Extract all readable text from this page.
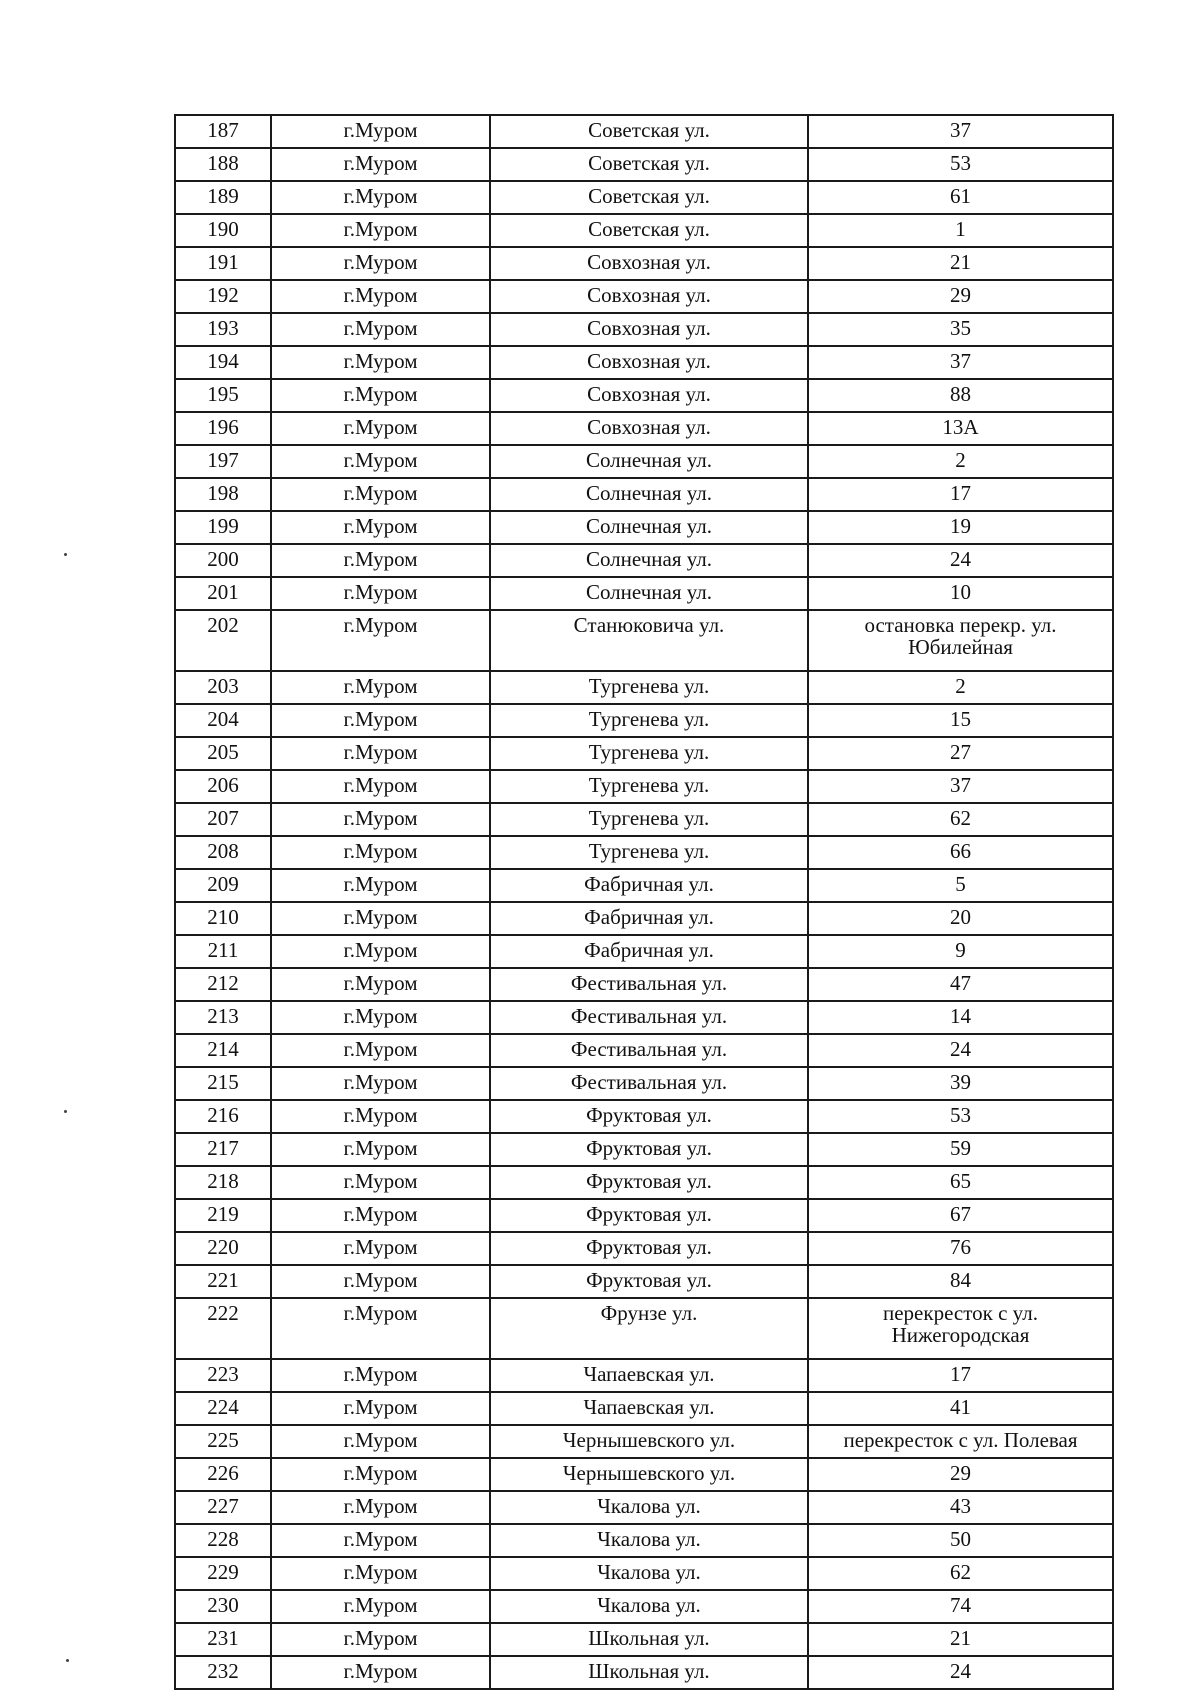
187	г.Муром	Советская ул.	37
188	г.Муром	Советская ул.	53
189	г.Муром	Советская ул.	61
190	г.Муром	Советская ул.	1
191	г.Муром	Совхозная ул.	21
192	г.Муром	Совхозная ул.	29
193	г.Муром	Совхозная ул.	35
194	г.Муром	Совхозная ул.	37
195	г.Муром	Совхозная ул.	88
196	г.Муром	Совхозная ул.	13А
197	г.Муром	Солнечная ул.	2
198	г.Муром	Солнечная ул.	17
199	г.Муром	Солнечная ул.	19
200	г.Муром	Солнечная ул.	24
201	г.Муром	Солнечная ул.	10
202	г.Муром	Станюковича ул.	остановка перекр. ул. Юбилейная
203	г.Муром	Тургенева ул.	2
204	г.Муром	Тургенева ул.	15
205	г.Муром	Тургенева ул.	27
206	г.Муром	Тургенева ул.	37
207	г.Муром	Тургенева ул.	62
208	г.Муром	Тургенева ул.	66
209	г.Муром	Фабричная ул.	5
210	г.Муром	Фабричная ул.	20
211	г.Муром	Фабричная ул.	9
212	г.Муром	Фестивальная ул.	47
213	г.Муром	Фестивальная ул.	14
214	г.Муром	Фестивальная ул.	24
215	г.Муром	Фестивальная ул.	39
216	г.Муром	Фруктовая ул.	53
217	г.Муром	Фруктовая ул.	59
218	г.Муром	Фруктовая ул.	65
219	г.Муром	Фруктовая ул.	67
220	г.Муром	Фруктовая ул.	76
221	г.Муром	Фруктовая ул.	84
222	г.Муром	Фрунзе ул.	перекресток с ул. Нижегородская
223	г.Муром	Чапаевская ул.	17
224	г.Муром	Чапаевская ул.	41
225	г.Муром	Чернышевского ул.	перекресток с ул. Полевая
226	г.Муром	Чернышевского ул.	29
227	г.Муром	Чкалова ул.	43
228	г.Муром	Чкалова ул.	50
229	г.Муром	Чкалова ул.	62
230	г.Муром	Чкалова ул.	74
231	г.Муром	Школьная ул.	21
232	г.Муром	Школьная ул.	24
